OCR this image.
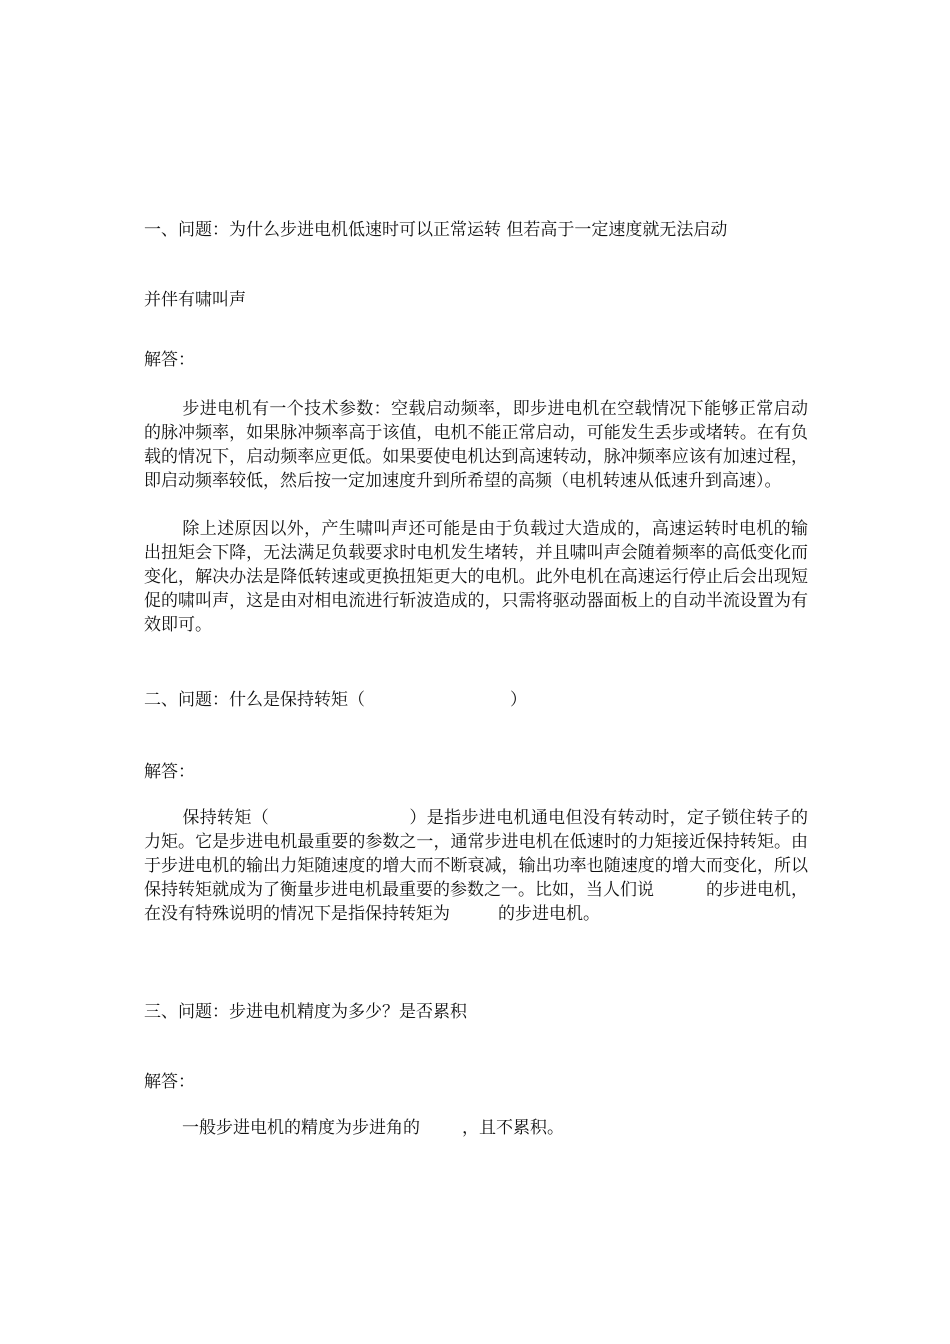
一、问题：为什么步进电机低速时可以正常运转 但若高于一定速度就无法启动
并伴有啸叫声
解答：

步进电机有一个技术参数：空载启动频率，即步进电机在空载情况下能够正常启动的脉冲频率，如果脉冲频率高于该值，电机不能正常启动，可能发生丢步或堵转。在有负载的情况下，启动频率应更低。如果要使电机达到高速转动，脉冲频率应该有加速过程，即启动频率较低，然后按一定加速度升到所希望的高频（电机转速从低速升到高速）。

除上述原因以外，产生啸叫声还可能是由于负载过大造成的，高速运转时电机的输出扭矩会下降，无法满足负载要求时电机发生堵转，并且啸叫声会随着频率的高低变化而变化，解决办法是降低转速或更换扭矩更大的电机。此外电机在高速运行停止后会出现短促的啸叫声，这是由对相电流进行斩波造成的，只需将驱动器面板上的自动半流设置为有效即可。

二、问题：什么是保持转矩（	）
解答：

保持转矩（	）是指步进电机通电但没有转动时，定子锁住转子的力矩。它是步进电机最重要的参数之一，通常步进电机在低速时的力矩接近保持转矩。由于步进电机的输出力矩随速度的增大而不断衰减，输出功率也随速度的增大而变化，所以保持转矩就成为了衡量步进电机最重要的参数之一。比如，当人们说	的步进电机，在没有特殊说明的情况下是指保持转矩为	的步进电机。

三、问题：步进电机精度为多少？是否累积
解答：
一般步进电机的精度为步进角的 ，且不累积。
